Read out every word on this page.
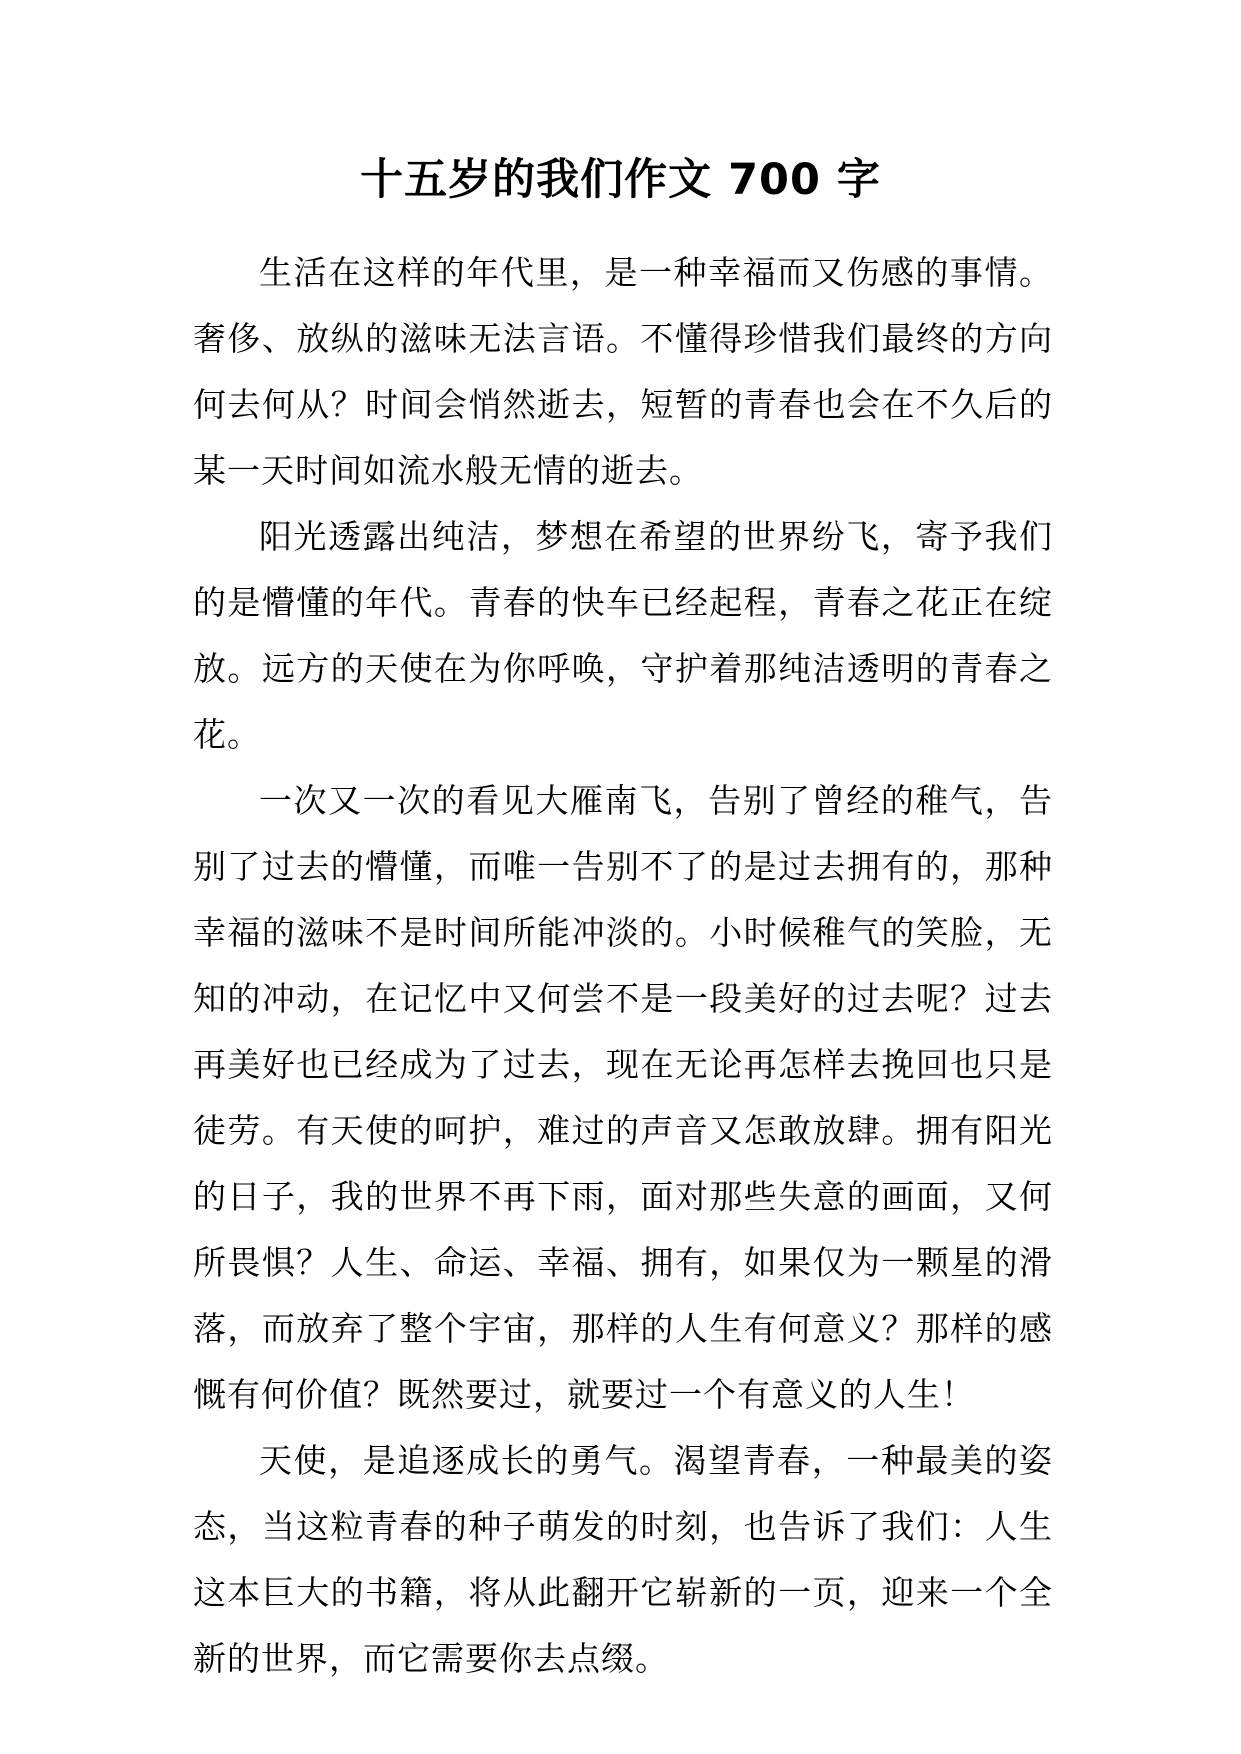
十五岁的我们作文 700 字

生活在这样的年代里，是一种幸福而又伤感的事情。奢侈、放纵的滋味无法言语。不懂得珍惜我们最终的方向何去何从？时间会悄然逝去，短暂的青春也会在不久后的某一天时间如流水般无情的逝去。

阳光透露出纯洁，梦想在希望的世界纷飞，寄予我们的是懵懂的年代。青春的快车已经起程，青春之花正在绽放。远方的天使在为你呼唤，守护着那纯洁透明的青春之花。

一次又一次的看见大雁南飞，告别了曾经的稚气，告别了过去的懵懂，而唯一告别不了的是过去拥有的，那种幸福的滋味不是时间所能冲淡的。小时候稚气的笑脸，无知的冲动，在记忆中又何尝不是一段美好的过去呢？过去再美好也已经成为了过去，现在无论再怎样去挽回也只是徒劳。有天使的呵护，难过的声音又怎敢放肆。拥有阳光的日子，我的世界不再下雨，面对那些失意的画面，又何所畏惧？人生、命运、幸福、拥有，如果仅为一颗星的滑落，而放弃了整个宇宙，那样的人生有何意义？那样的感慨有何价值？既然要过，就要过一个有意义的人生！

天使，是追逐成长的勇气。渴望青春，一种最美的姿态，当这粒青春的种子萌发的时刻，也告诉了我们：人生这本巨大的书籍，将从此翻开它崭新的一页，迎来一个全新的世界，而它需要你去点缀。
